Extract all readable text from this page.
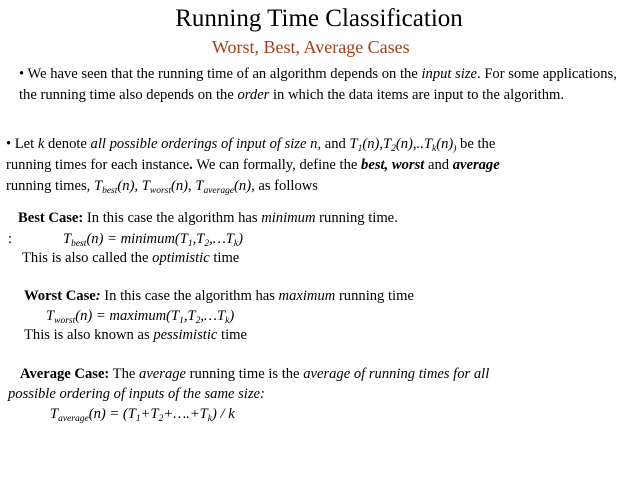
Running Time Classification
Worst, Best, Average Cases
• We have seen that the running time of an algorithm depends on the input size. For some applications, the running time also depends on the order in which the data items are input to the algorithm.
• Let k denote all possible orderings of input of size n, and $T_1(n),T_2(n),..T_k(n)_)$ be the
running times for each instance. We can formally, define the best, worst and average
running times, $T_{best}(n)$, $T_{worst}(n)$, $T_{average}(n)$, as follows
Best Case: In this case the algorithm has minimum running time.
:	$T_{best}(n)$ = $minimum(T_1,T_2,\dots T_k)$
This is also called the optimistic time
Worst Case: In this case the algorithm has maximum running time
$T_{worst}(n)$ = $maximum(T_1,T_2,\dots T_k)$
This is also known as pessimistic time
Average Case: The average running time is the average of running times for all
possible ordering of inputs of the same size:
$T_{average}(n)$ = $(T_1+T_2+\dots.+T_k) / k$
